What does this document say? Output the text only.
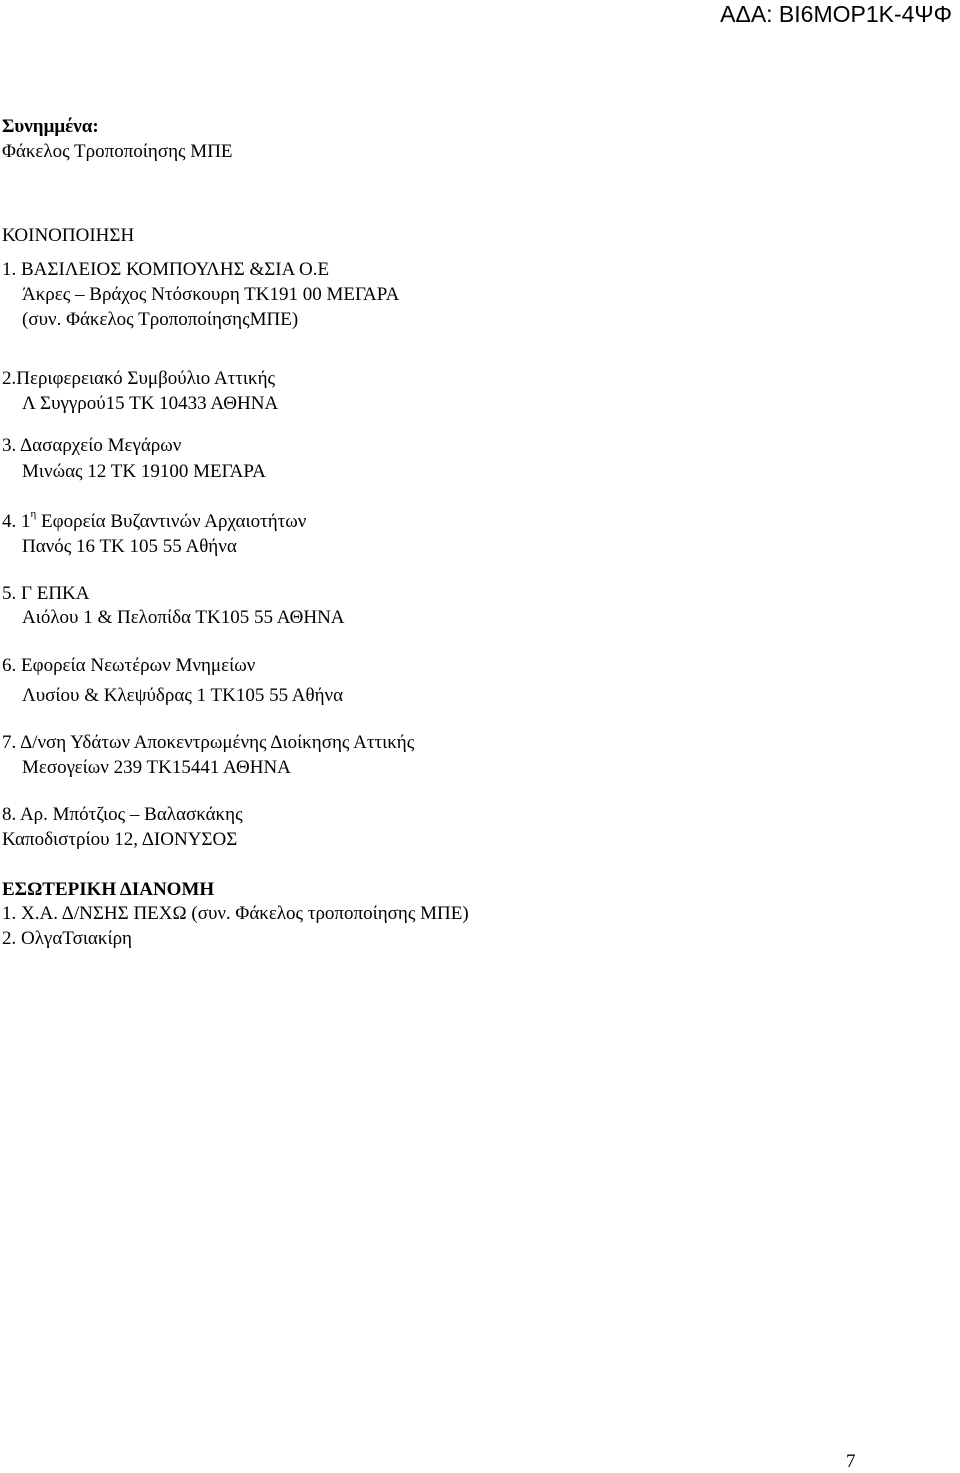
ΑΔΑ: ΒΙ6ΜΟΡ1Κ-4ΨΦ
Συνημμένα:
Φάκελος Τροποποίησης ΜΠΕ
ΚΟΙΝΟΠΟΙΗΣΗ
1. ΒΑΣΙΛΕΙΟΣ ΚΟΜΠΟΥΛΗΣ &ΣΙΑ Ο.Ε
Άκρες – Βράχος Ντόσκουρη ΤΚ191 00 ΜΕΓΑΡΑ
(συν. Φάκελος ΤροποποίησηςΜΠΕ)
2.Περιφερειακό Συμβούλιο Αττικής
Λ Συγγρού15 ΤΚ 10433 ΑΘΗΝΑ
3. Δασαρχείο Μεγάρων
Μινώας 12 ΤΚ 19100 ΜΕΓΑΡΑ
4. $1^\eta$ Εφορεία Βυζαντινών Αρχαιοτήτων
Πανός 16 ΤΚ 105 55 Αθήνα
5. Γ ΕΠΚΑ
Αιόλου 1 & Πελοπίδα ΤΚ105 55 ΑΘΗΝΑ
6. Εφορεία Νεωτέρων Μνημείων
Λυσίου & Κλεψύδρας 1 ΤΚ105 55 Αθήνα
7. Δ/νση Υδάτων Αποκεντρωμένης Διοίκησης Αττικής
Μεσογείων 239 ΤΚ15441 ΑΘΗΝΑ
8. Αρ. Μπότζιος – Βαλασκάκης
Καποδιστρίου 12, ΔΙΟΝΥΣΟΣ
ΕΣΩΤΕΡΙΚΗ ΔΙΑΝΟΜΗ
1. Χ.Α. Δ/ΝΣΗΣ ΠΕΧΩ (συν. Φάκελος τροποποίησης ΜΠΕ)
2. ΟλγαΤσιακίρη
7
